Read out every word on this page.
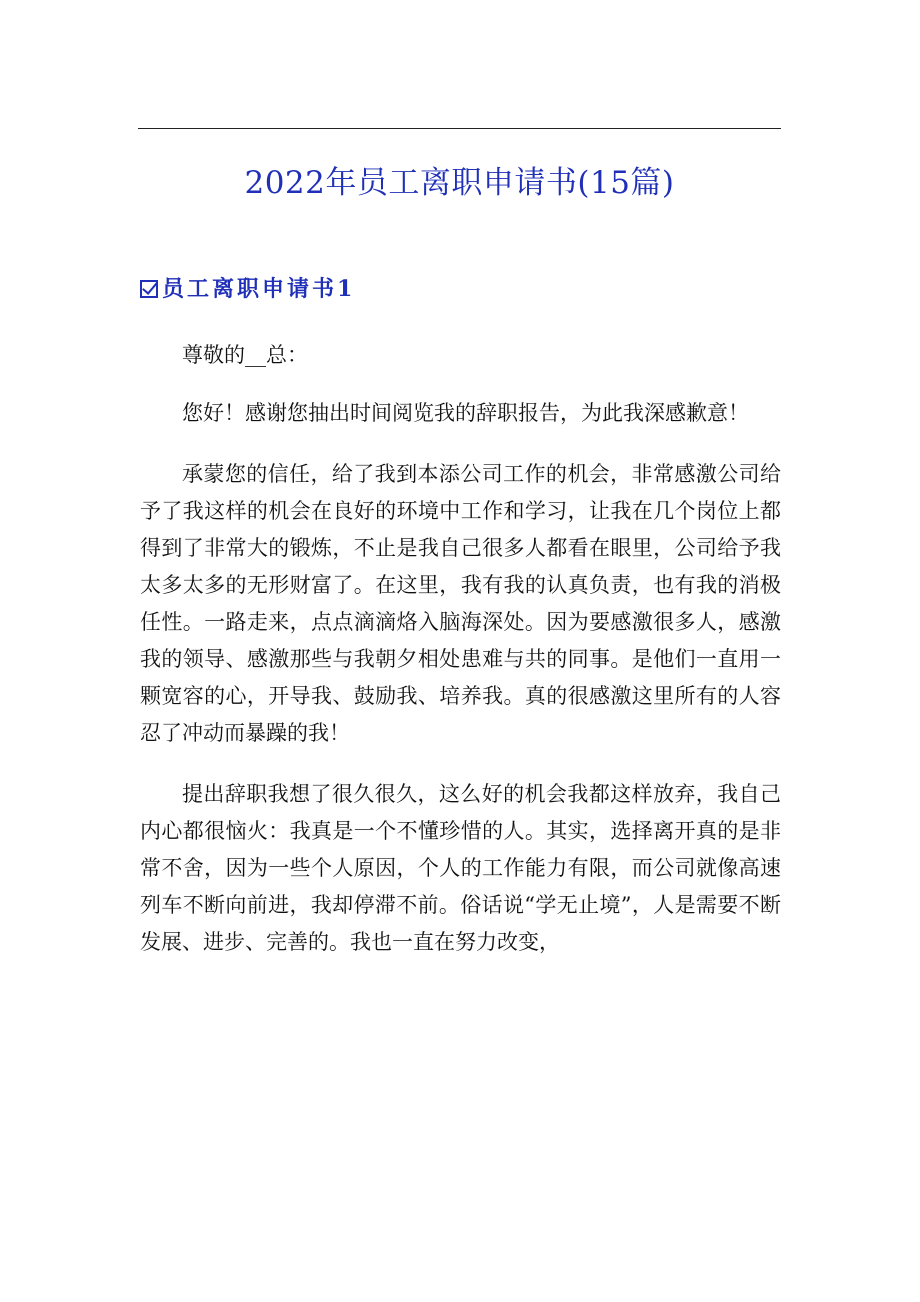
2022年员工离职申请书(15篇)
员工离职申请书1

尊敬的__总：

您好！感谢您抽出时间阅览我的辞职报告，为此我深感歉意！

承蒙您的信任，给了我到本添公司工作的机会，非常感激公司给予了我这样的机会在良好的环境中工作和学习，让我在几个岗位上都得到了非常大的锻炼，不止是我自己很多人都看在眼里，公司给予我太多太多的无形财富了。在这里，我有我的认真负责，也有我的消极任性。一路走来，点点滴滴烙入脑海深处。因为要感激很多人，感激我的领导、感激那些与我朝夕相处患难与共的同事。是他们一直用一颗宽容的心，开导我、鼓励我、培养我。真的很感激这里所有的人容忍了冲动而暴躁的我！

提出辞职我想了很久很久，这么好的机会我都这样放弃，我自己内心都很恼火：我真是一个不懂珍惜的人。其实，选择离开真的是非常不舍，因为一些个人原因，个人的工作能力有限，而公司就像高速列车不断向前进，我却停滞不前。俗话说“学无止境”，人是需要不断发展、进步、完善的。我也一直在努力改变，
